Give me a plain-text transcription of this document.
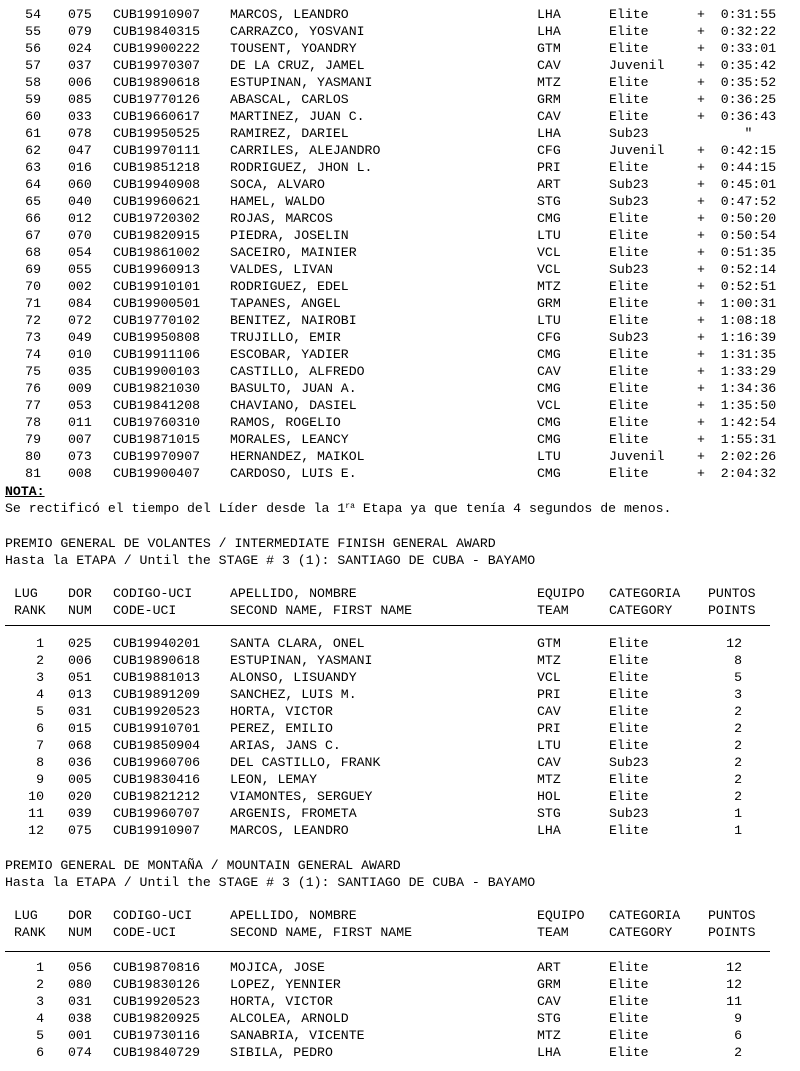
54 075 CUB19910907 MARCOS, LEANDRO	LHA	Elite	+  0:31:55
55 079 CUB19840315 CARRAZCO, YOSVANI	LHA	Elite	+  0:32:22
56 024 CUB19900222 TOUSENT, YOANDRY	GTM	Elite	+  0:33:01
57 037 CUB19970307 DE LA CRUZ, JAMEL	CAV	Juvenil +  0:35:42
58 006 CUB19890618 ESTUPINAN, YASMANI	MTZ	Elite	+  0:35:52
59 085 CUB19770126 ABASCAL, CARLOS	GRM	Elite	+  0:36:25
60 033 CUB19660617 MARTINEZ, JUAN C.	CAV	Elite	+  0:36:43
61 078 CUB19950525 RAMIREZ, DARIEL	LHA	Sub23	"
62 047 CUB19970111 CARRILES, ALEJANDRO	CFG	Juvenil +  0:42:15
63 016 CUB19851218 RODRIGUEZ, JHON L.	PRI	Elite	+  0:44:15
64 060 CUB19940908 SOCA, ALVARO	ART	Sub23	+  0:45:01
65 040 CUB19960621 HAMEL, WALDO	STG	Sub23	+  0:47:52
66 012 CUB19720302 ROJAS, MARCOS	CMG	Elite	+  0:50:20
67 070 CUB19820915 PIEDRA, JOSELIN	LTU	Elite	+  0:50:54
68 054 CUB19861002 SACEIRO, MAINIER	VCL	Elite	+  0:51:35
69 055 CUB19960913 VALDES, LIVAN	VCL	Sub23	+  0:52:14
70 002 CUB19910101 RODRIGUEZ, EDEL	MTZ	Elite	+  0:52:51
71 084 CUB19900501 TAPANES, ANGEL	GRM	Elite	+  1:00:31
72 072 CUB19770102 BENITEZ, NAIROBI	LTU	Elite	+  1:08:18
73 049 CUB19950808 TRUJILLO, EMIR	CFG	Sub23	+  1:16:39
74 010 CUB19911106 ESCOBAR, YADIER	CMG	Elite	+  1:31:35
75 035 CUB19900103 CASTILLO, ALFREDO	CAV	Elite	+  1:33:29
76 009 CUB19821030 BASULTO, JUAN A.	CMG	Elite	+  1:34:36
77 053 CUB19841208 CHAVIANO, DASIEL	VCL	Elite	+  1:35:50
78 011 CUB19760310 RAMOS, ROGELIO	CMG	Elite	+  1:42:54
79 007 CUB19871015 MORALES, LEANCY	CMG	Elite	+  1:55:31
80 073 CUB19970907 HERNANDEZ, MAIKOL	LTU	Juvenil +  2:02:26
81 008 CUB19900407 CARDOSO, LUIS E.	CMG	Elite	+  2:04:32
NOTA:
Se rectificó el tiempo del Líder desde la $1^{ra}$ Etapa ya que tenía 4 segundos de menos.
PREMIO GENERAL DE VOLANTES / INTERMEDIATE FINISH GENERAL AWARD
Hasta la ETAPA / Until the STAGE # 3 (1): SANTIAGO DE CUBA - BAYAMO
LUG DOR CODIGO-UCI	APELLIDO, NOMBRE	EQUIPO CATEGORIA PUNTOS
RANK NUM CODE-UCI	SECOND NAME, FIRST NAME	TEAM	CATEGORY	POINTS
1 025 CUB19940201 SANTA CLARA, ONEL	GTM	Elite	12
2 006 CUB19890618 ESTUPINAN, YASMANI	MTZ	Elite	8
3 051 CUB19881013 ALONSO, LISUANDY	VCL	Elite	5
4 013 CUB19891209 SANCHEZ, LUIS M.	PRI	Elite	3
5 031 CUB19920523 HORTA, VICTOR	CAV	Elite	2
6 015 CUB19910701 PEREZ, EMILIO	PRI	Elite	2
7 068 CUB19850904 ARIAS, JANS C.	LTU	Elite	2
8 036 CUB19960706 DEL CASTILLO, FRANK	CAV	Sub23	2
9 005 CUB19830416 LEON, LEMAY	MTZ	Elite	2
10 020 CUB19821212 VIAMONTES, SERGUEY	HOL	Elite	2
11 039 CUB19960707 ARGENIS, FROMETA	STG	Sub23	1
12 075 CUB19910907 MARCOS, LEANDRO	LHA	Elite	1
PREMIO GENERAL DE MONTAÑA / MOUNTAIN GENERAL AWARD
Hasta la ETAPA / Until the STAGE # 3 (1): SANTIAGO DE CUBA - BAYAMO
LUG DOR CODIGO-UCI	APELLIDO, NOMBRE	EQUIPO CATEGORIA PUNTOS
RANK NUM CODE-UCI	SECOND NAME, FIRST NAME	TEAM	CATEGORY	POINTS
1 056 CUB19870816 MOJICA, JOSE	ART	Elite	12
2 080 CUB19830126 LOPEZ, YENNIER	GRM	Elite	12
3 031 CUB19920523 HORTA, VICTOR	CAV	Elite	11
4 038 CUB19820925 ALCOLEA, ARNOLD	STG	Elite	9
5 001 CUB19730116 SANABRIA, VICENTE	MTZ	Elite	6
6 074 CUB19840729 SIBILA, PEDRO	LHA	Elite	2
